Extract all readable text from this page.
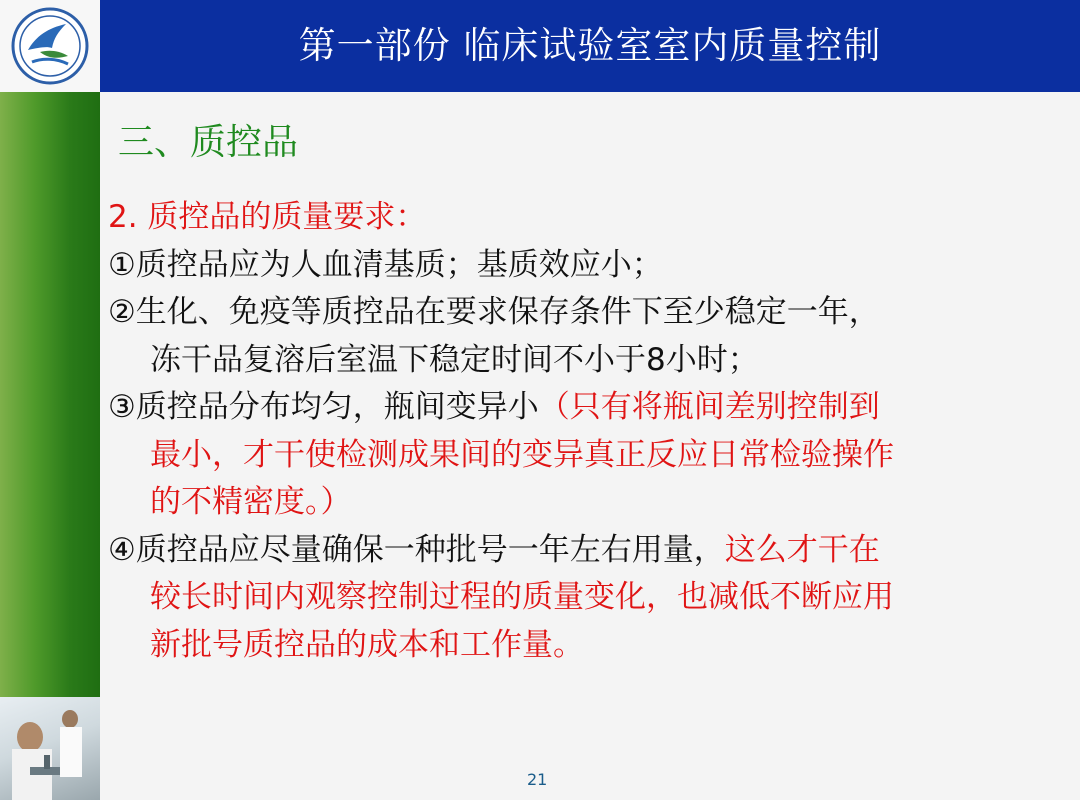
第一部份 临床试验室室内质量控制
三、质控品
2. 质控品的质量要求：
①质控品应为人血清基质；基质效应小；
②生化、免疫等质控品在要求保存条件下至少稳定一年，
冻干品复溶后室温下稳定时间不小于8小时；
③质控品分布均匀，瓶间变异小（只有将瓶间差别控制到
最小，才干使检测成果间的变异真正反应日常检验操作
的不精密度。）
④质控品应尽量确保一种批号一年左右用量，这么才干在
较长时间内观察控制过程的质量变化，也减低不断应用
新批号质控品的成本和工作量。
21
